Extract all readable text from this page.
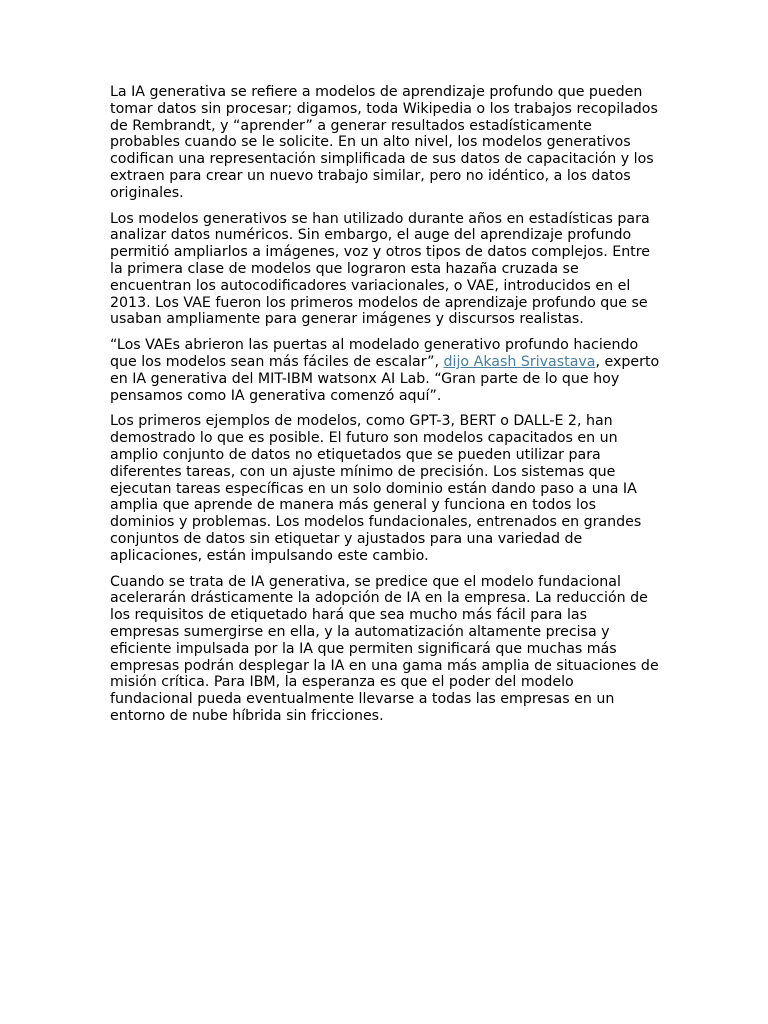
La IA generativa se refiere a modelos de aprendizaje profundo que pueden tomar datos sin procesar; digamos, toda Wikipedia o los trabajos recopilados de Rembrandt, y “aprender” a generar resultados estadísticamente probables cuando se le solicite. En un alto nivel, los modelos generativos codifican una representación simplificada de sus datos de capacitación y los extraen para crear un nuevo trabajo similar, pero no idéntico, a los datos originales.

Los modelos generativos se han utilizado durante años en estadísticas para analizar datos numéricos. Sin embargo, el auge del aprendizaje profundo permitió ampliarlos a imágenes, voz y otros tipos de datos complejos. Entre la primera clase de modelos que lograron esta hazaña cruzada se encuentran los autocodificadores variacionales, o VAE, introducidos en el 2013. Los VAE fueron los primeros modelos de aprendizaje profundo que se usaban ampliamente para generar imágenes y discursos realistas.

“Los VAEs abrieron las puertas al modelado generativo profundo haciendo que los modelos sean más fáciles de escalar”, dijo Akash Srivastava, experto en IA generativa del MIT-IBM watsonx AI Lab. “Gran parte de lo que hoy pensamos como IA generativa comenzó aquí”.

Los primeros ejemplos de modelos, como GPT-3, BERT o DALL-E 2, han demostrado lo que es posible. El futuro son modelos capacitados en un amplio conjunto de datos no etiquetados que se pueden utilizar para diferentes tareas, con un ajuste mínimo de precisión. Los sistemas que ejecutan tareas específicas en un solo dominio están dando paso a una IA amplia que aprende de manera más general y funciona en todos los dominios y problemas. Los modelos fundacionales, entrenados en grandes conjuntos de datos sin etiquetar y ajustados para una variedad de aplicaciones, están impulsando este cambio.

Cuando se trata de IA generativa, se predice que el modelo fundacional acelerarán drásticamente la adopción de IA en la empresa. La reducción de los requisitos de etiquetado hará que sea mucho más fácil para las empresas sumergirse en ella, y la automatización altamente precisa y eficiente impulsada por la IA que permiten significará que muchas más empresas podrán desplegar la IA en una gama más amplia de situaciones de misión crítica. Para IBM, la esperanza es que el poder del modelo fundacional pueda eventualmente llevarse a todas las empresas en un entorno de nube híbrida sin fricciones.
